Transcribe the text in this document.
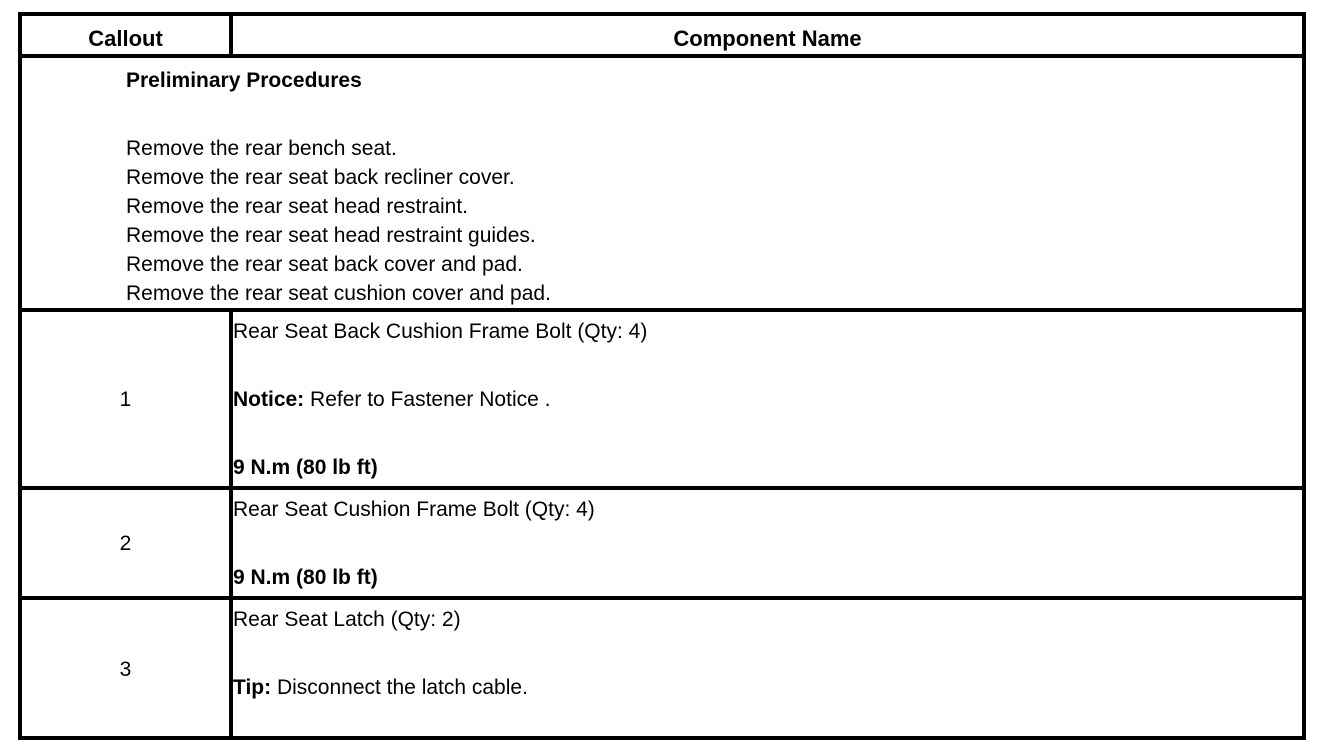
Callout	Component Name
Preliminary Procedures
Remove the rear bench seat.
Remove the rear seat back recliner cover.
Remove the rear seat head restraint.
Remove the rear seat head restraint guides.
Remove the rear seat back cover and pad.
Remove the rear seat cushion cover and pad.
1
Rear Seat Back Cushion Frame Bolt (Qty: 4)
Notice: Refer to Fastener Notice .
9 N.m (80 lb ft)
2
Rear Seat Cushion Frame Bolt (Qty: 4)
9 N.m (80 lb ft)
3
Rear Seat Latch (Qty: 2)
Tip: Disconnect the latch cable.
